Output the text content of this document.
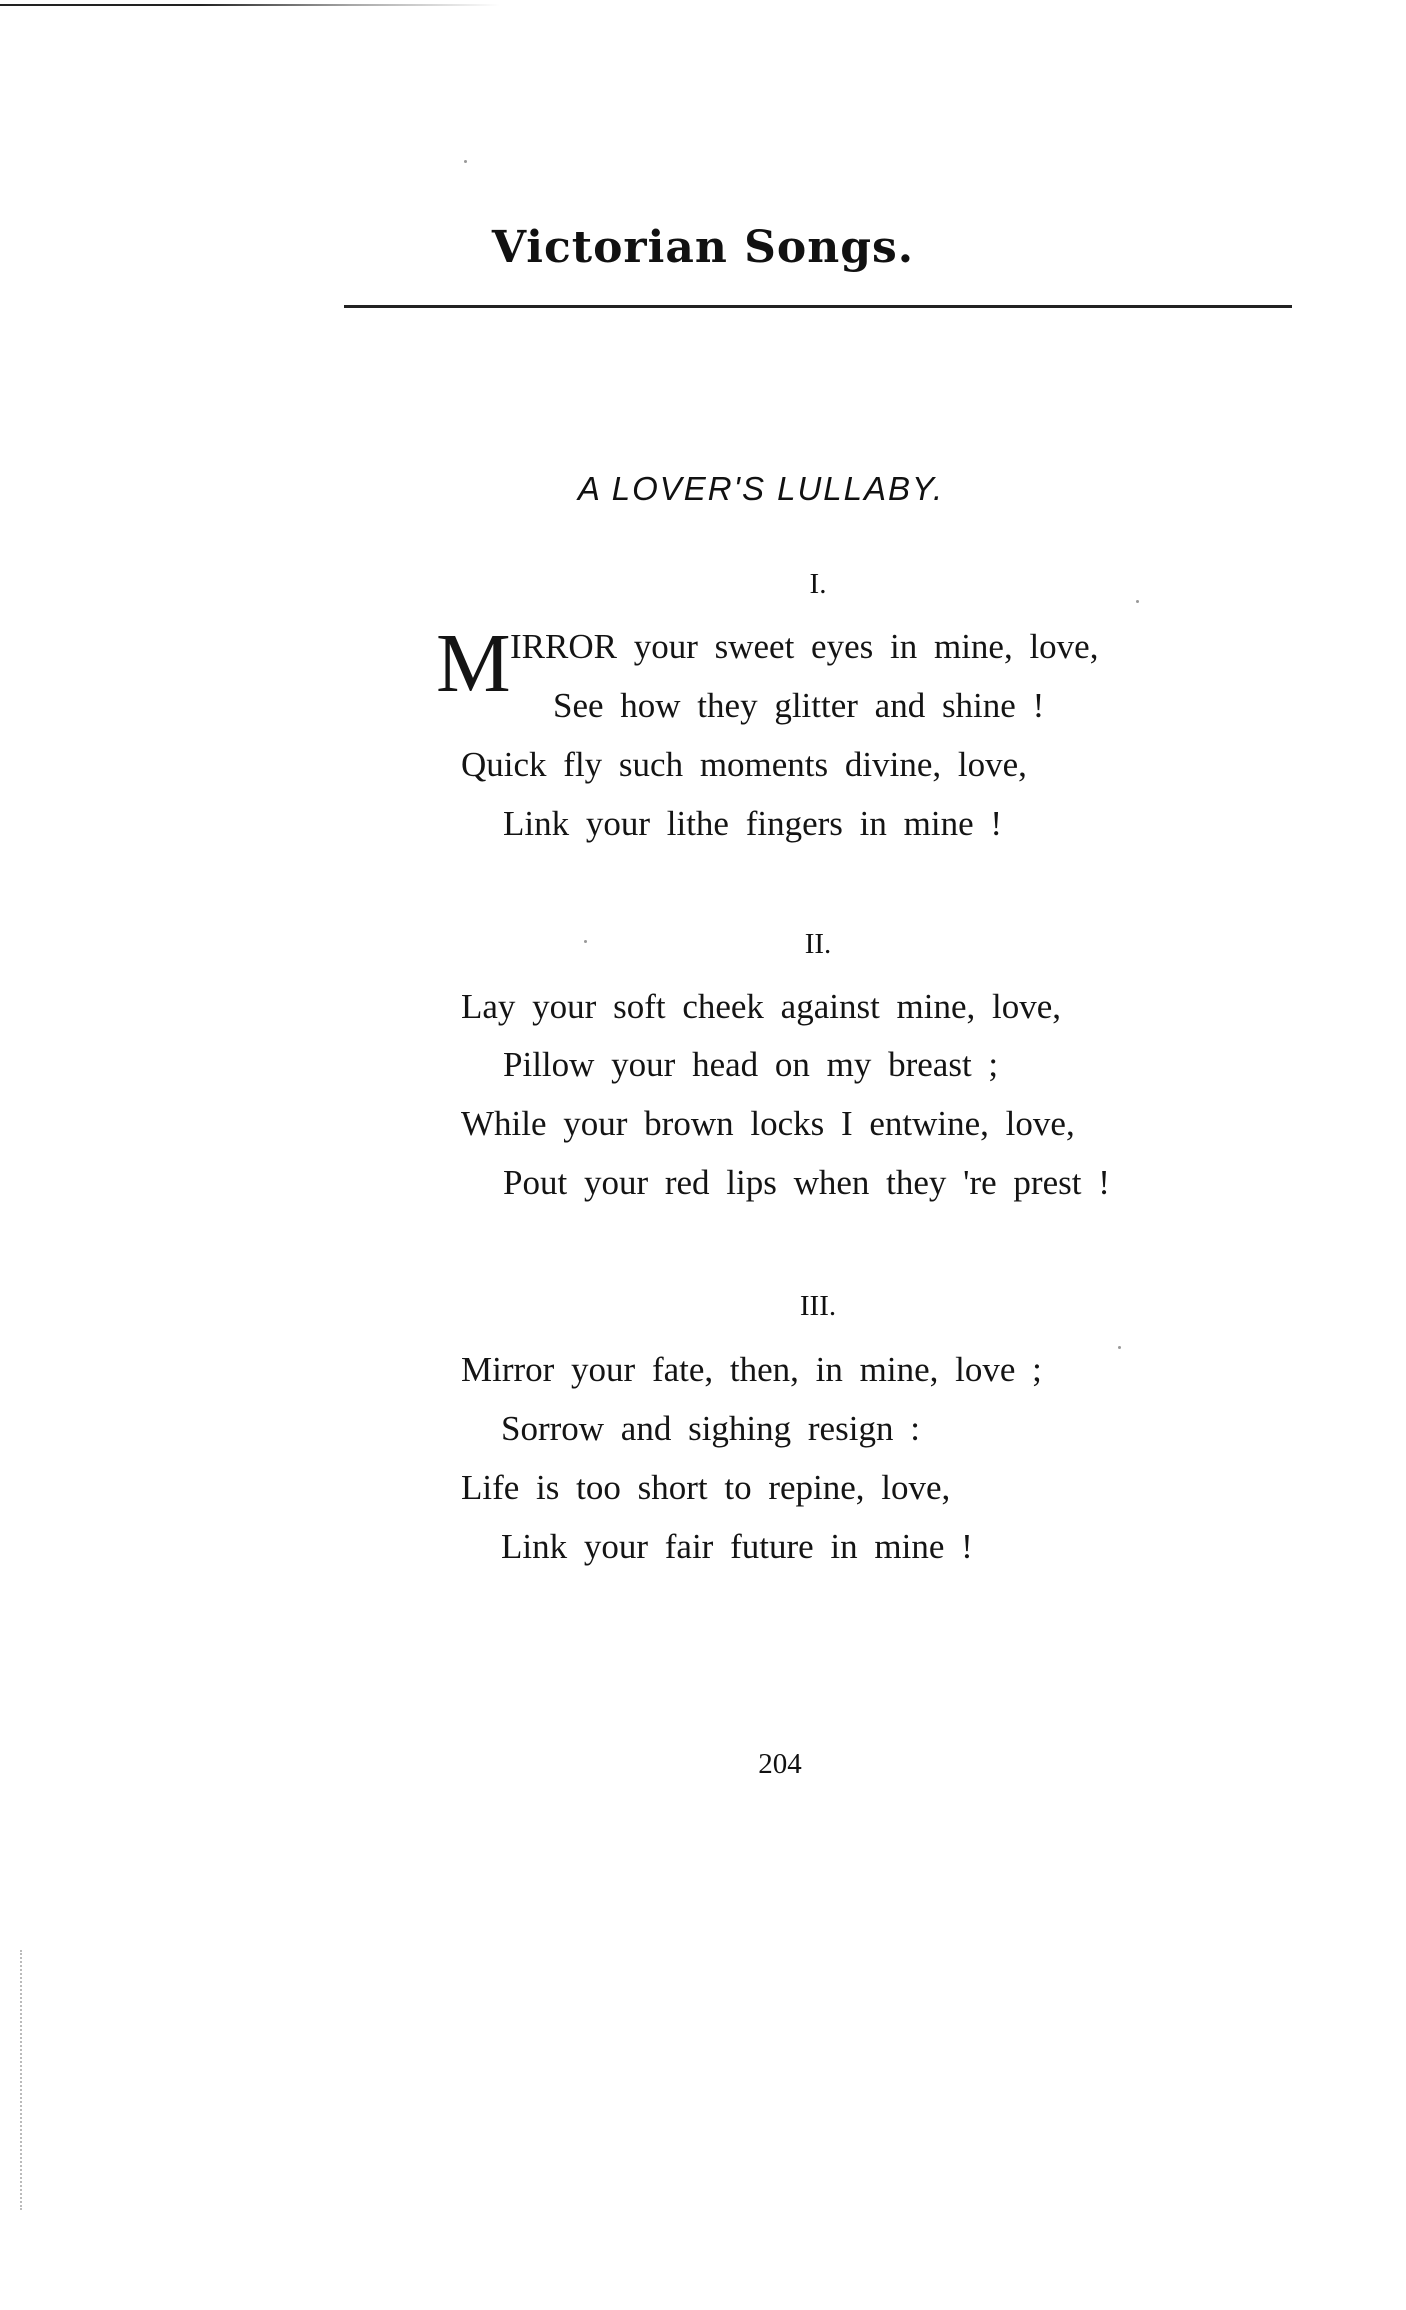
Victorian Songs.
A LOVER'S LULLABY.
I.
M IRROR your sweet eyes in mine, love,
See how they glitter and shine !
Quick fly such moments divine, love,
Link your lithe fingers in mine !
II.
Lay your soft cheek against mine, love,
Pillow your head on my breast ;
While your brown locks I entwine, love,
Pout your red lips when they 're prest !
III.
Mirror your fate, then, in mine, love ;
Sorrow and sighing resign :
Life is too short to repine, love,
Link your fair future in mine !
204
